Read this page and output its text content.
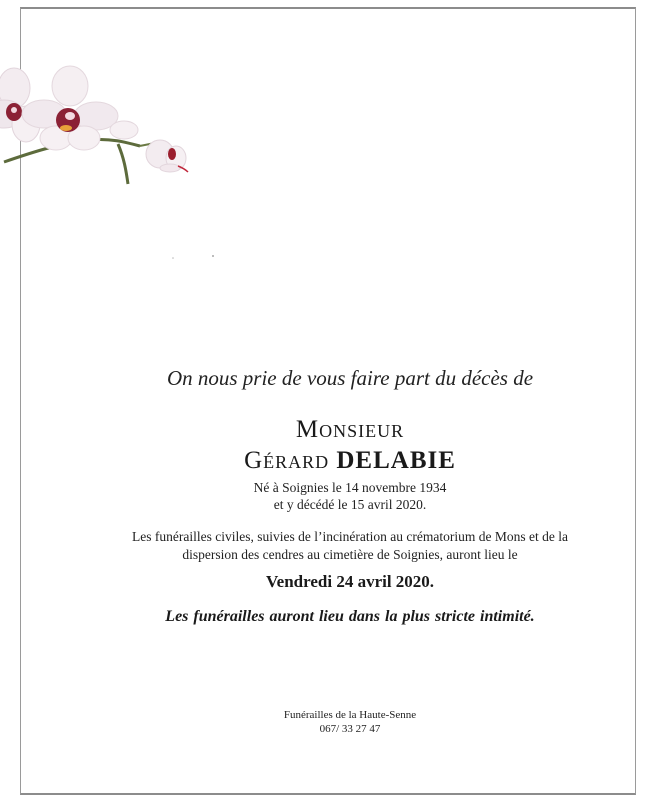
On nous prie de vous faire part du décès de
Monsieur
Gérard DELABIE
Né à Soignies le 14 novembre 1934
et y décédé le 15 avril 2020.
Les funérailles civiles, suivies de l’incinération au crématorium de Mons et de la
dispersion des cendres au cimetière de Soignies, auront lieu le
Vendredi 24 avril 2020.
Les funérailles auront lieu dans la plus stricte intimité.
Funérailles de la Haute-Senne
067/ 33 27 47
